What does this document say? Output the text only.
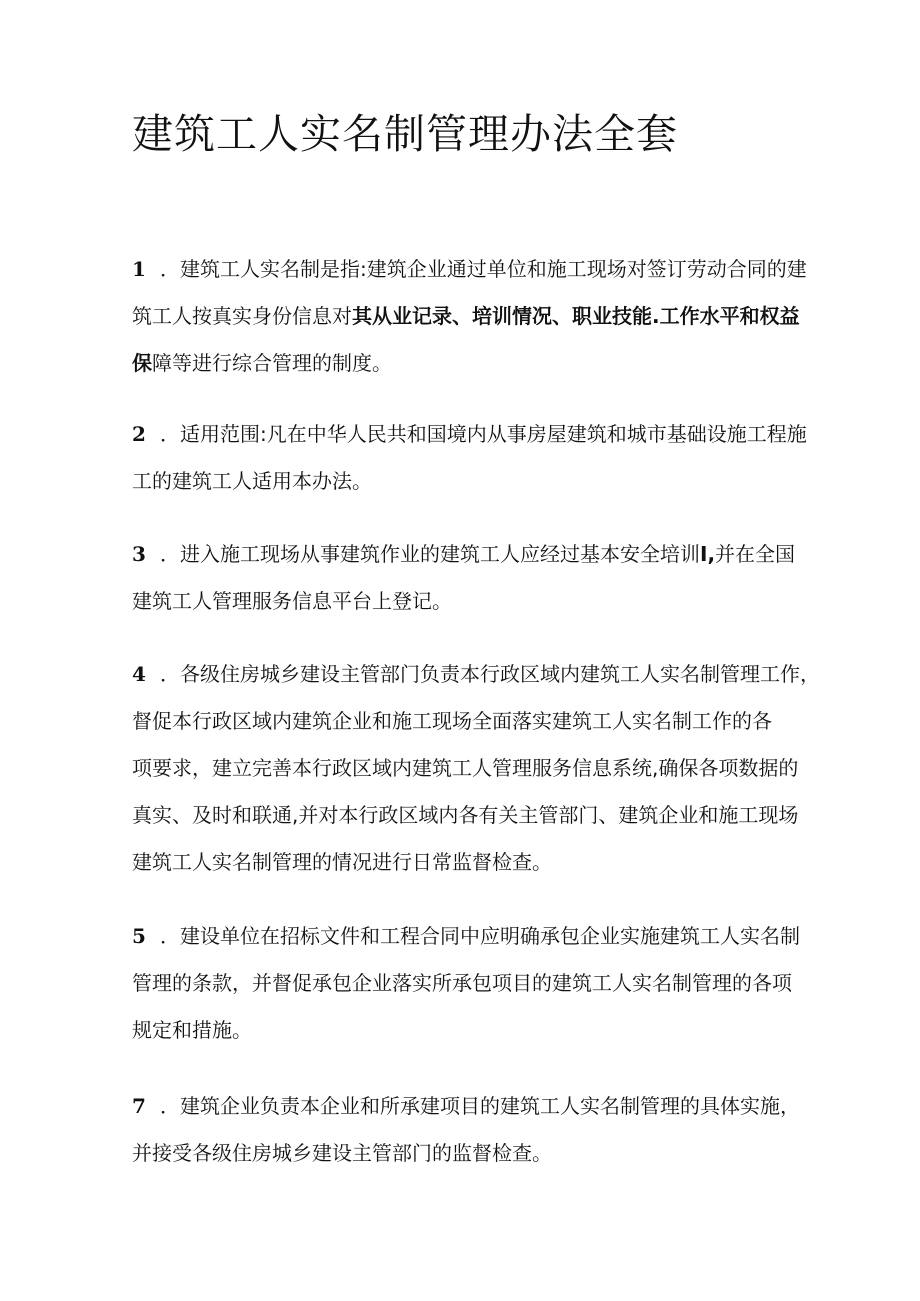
建筑工人实名制管理办法全套
1 ．建筑工人实名制是指:建筑企业通过单位和施工现场对签订劳动合同的建
筑工人按真实身份信息对其从业记录、培训情况、职业技能.工作水平和权益
保障等进行综合管理的制度。
2 ．适用范围:凡在中华人民共和国境内从事房屋建筑和城市基础设施工程施
工的建筑工人适用本办法。
3 ．进入施工现场从事建筑作业的建筑工人应经过基本安全培训I,并在全国
建筑工人管理服务信息平台上登记。
4 ．各级住房城乡建设主管部门负责本行政区域内建筑工人实名制管理工作，
督促本行政区域内建筑企业和施工现场全面落实建筑工人实名制工作的各
项要求，建立完善本行政区域内建筑工人管理服务信息系统,确保各项数据的
真实、及时和联通,并对本行政区域内各有关主管部门、建筑企业和施工现场
建筑工人实名制管理的情况进行日常监督检查。
5 ．建设单位在招标文件和工程合同中应明确承包企业实施建筑工人实名制
管理的条款，并督促承包企业落实所承包项目的建筑工人实名制管理的各项
规定和措施。
7 ．建筑企业负责本企业和所承建项目的建筑工人实名制管理的具体实施，
并接受各级住房城乡建设主管部门的监督检查。
